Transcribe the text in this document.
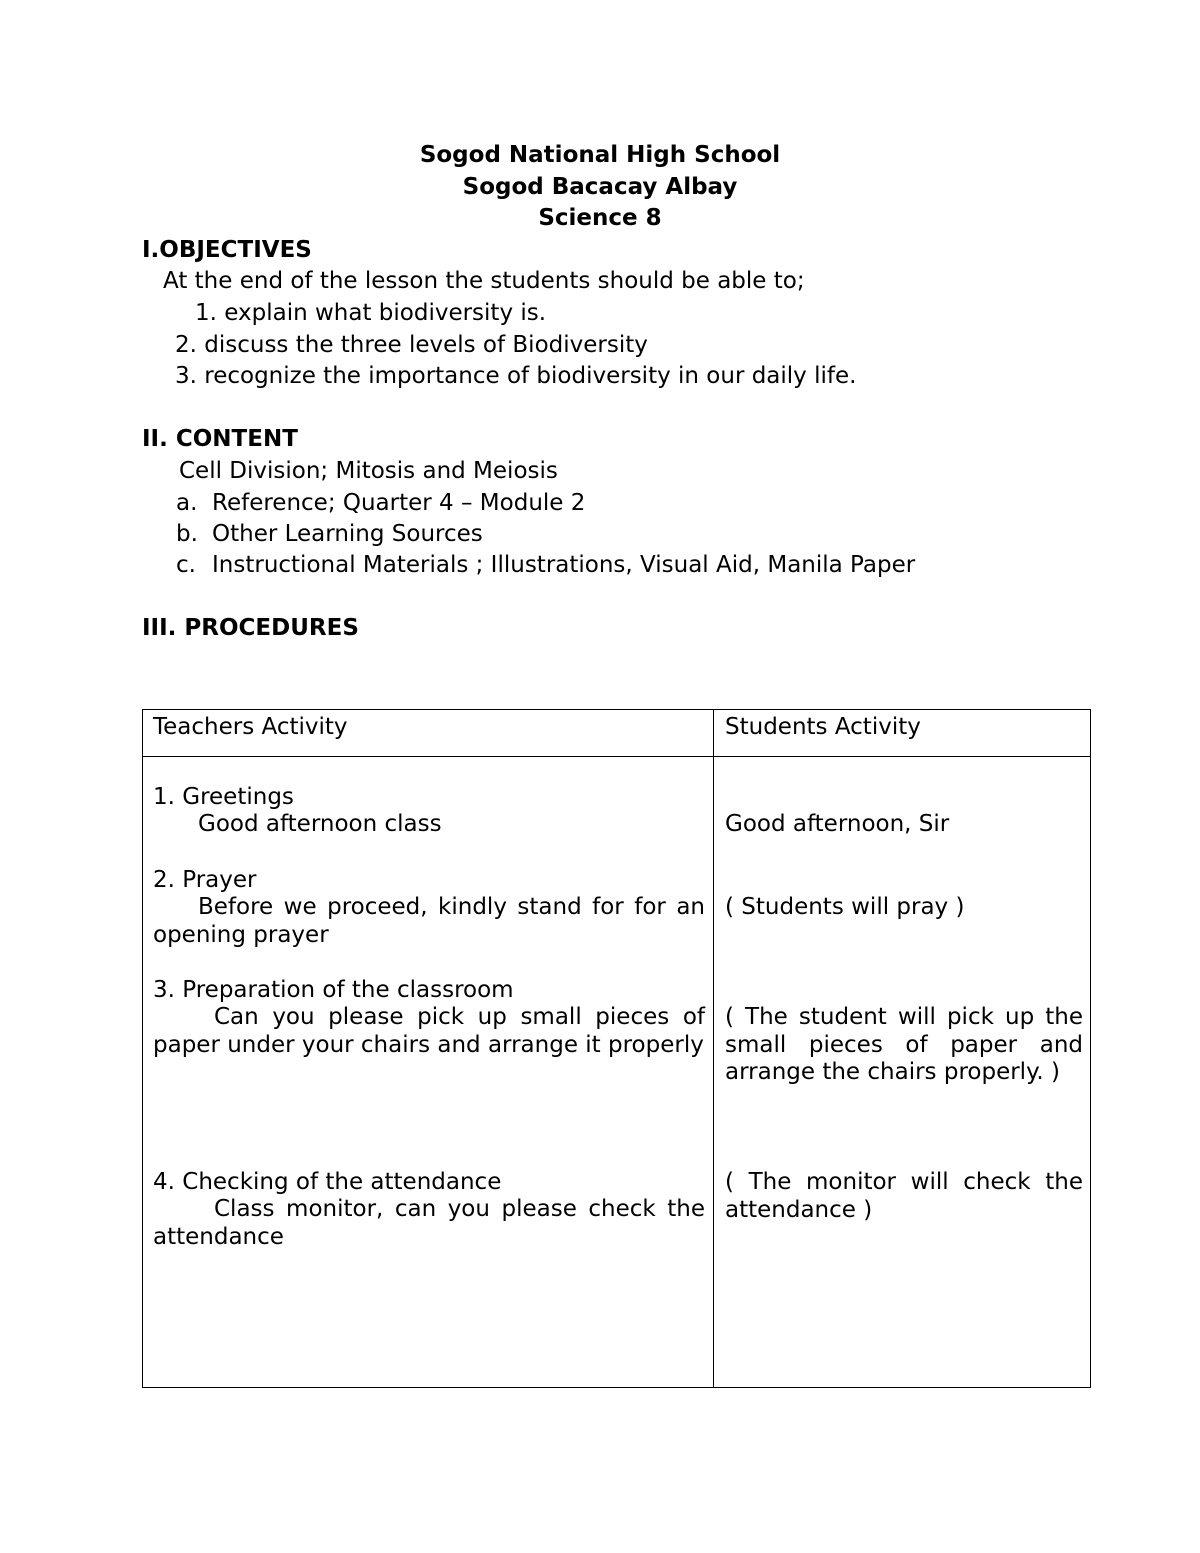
Sogod National High School
Sogod Bacacay Albay
Science 8
I.OBJECTIVES
At the end of the lesson the students should be able to;
1. explain what biodiversity is.
2. discuss the three levels of Biodiversity
3. recognize the importance of biodiversity in our daily life.
II. CONTENT
Cell Division; Mitosis and Meiosis
a. Reference; Quarter 4 – Module 2
b. Other Learning Sources
c. Instructional Materials ; Illustrations, Visual Aid, Manila Paper
III. PROCEDURES
Teachers Activity	Students Activity
1. Greetings
Good afternoon class	Good afternoon, Sir
2. Prayer
Before we proceed, kindly stand for for an opening prayer
( Students will pray )
3. Preparation of the classroom
Can you please pick up small pieces of paper under your chairs and arrange it properly
( The student will pick up the small pieces of paper and arrange the chairs properly. )
4. Checking of the attendance
Class monitor, can you please check the attendance
( The monitor will check the attendance )
